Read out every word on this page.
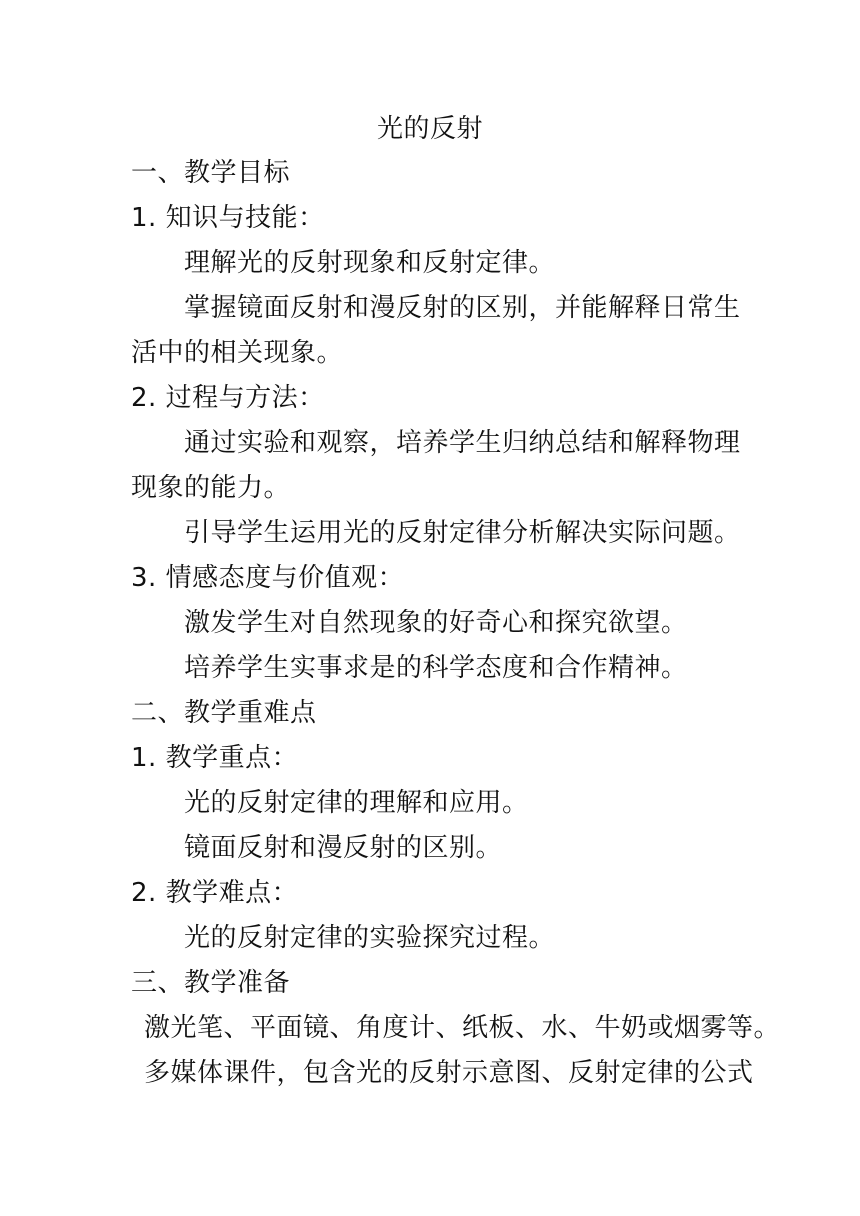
光的反射

一、教学目标

1. 知识与技能：

理解光的反射现象和反射定律。

掌握镜面反射和漫反射的区别，并能解释日常生

活中的相关现象。

2. 过程与方法：

通过实验和观察，培养学生归纳总结和解释物理

现象的能力。

引导学生运用光的反射定律分析解决实际问题。

3. 情感态度与价值观：

激发学生对自然现象的好奇心和探究欲望。

培养学生实事求是的科学态度和合作精神。

二、教学重难点

1. 教学重点：

光的反射定律的理解和应用。

镜面反射和漫反射的区别。

2. 教学难点：

光的反射定律的实验探究过程。

三、教学准备

激光笔、平面镜、角度计、纸板、水、牛奶或烟雾等。

多媒体课件，包含光的反射示意图、反射定律的公式
